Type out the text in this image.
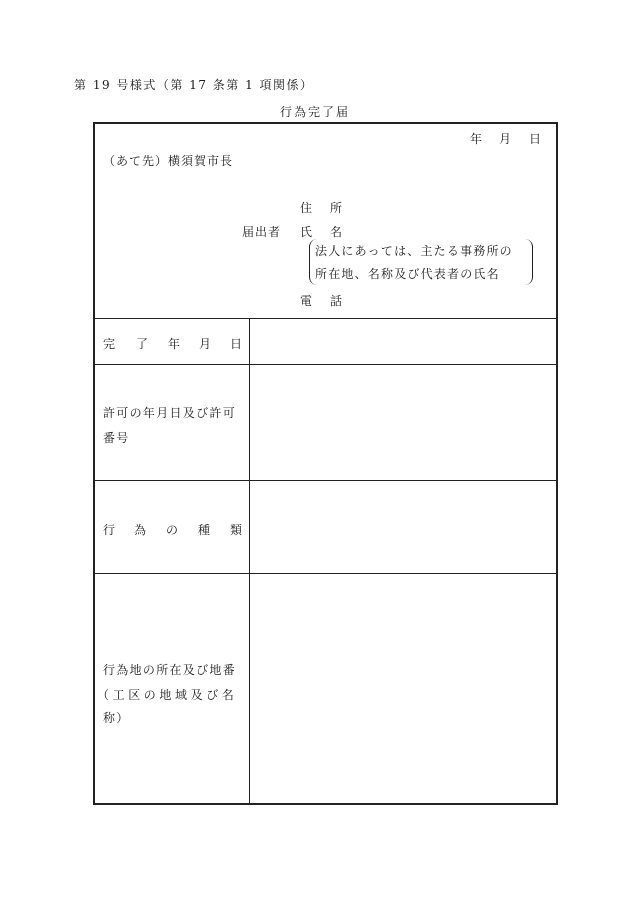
第 19 号様式（第 17 条第 1 項関係）
行為完了届
年 月 日
（あて先）横須賀市長
住　所
届出者 氏　名
法人にあっては、主たる事務所の
所在地、名称及び代表者の氏名
電　話
完 了 年 月 日
許可の年月日及び許可
番号
行 為 の 種 類
行為地の所在及び地番
（工区の地域及び名
称）
